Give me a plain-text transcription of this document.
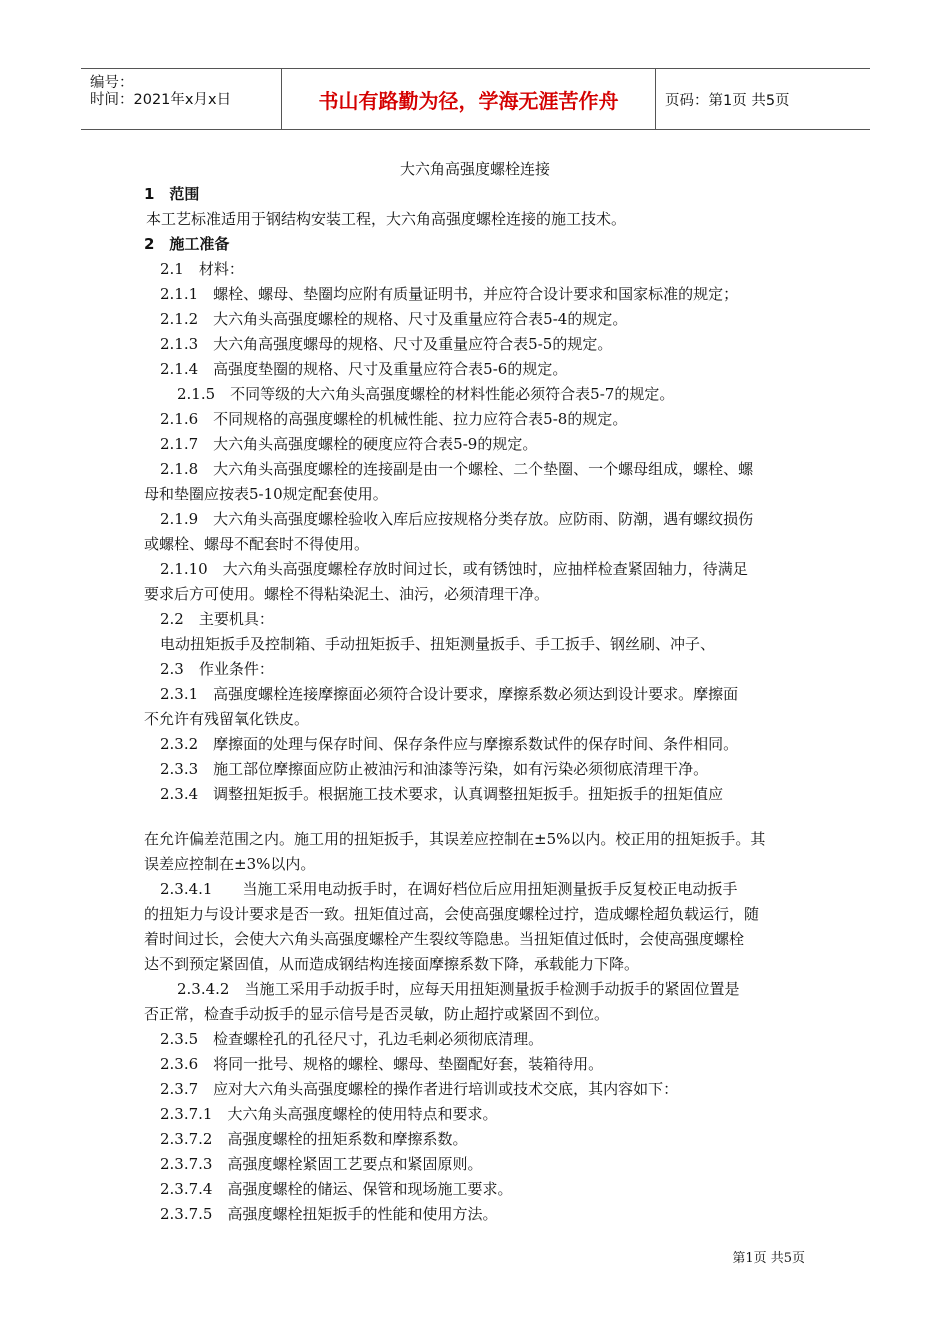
编号：
时间：2021年x月x日	书山有路勤为径，学海无涯苦作舟	页码：第1页 共5页
大六角高强度螺栓连接
1　范围
本工艺标准适用于钢结构安装工程，大六角高强度螺栓连接的施工技术。
2　施工准备
2.1　材料：
2.1.1　螺栓、螺母、垫圈均应附有质量证明书，并应符合设计要求和国家标准的规定；
2.1.2　大六角头高强度螺栓的规格、尺寸及重量应符合表5-4的规定。
2.1.3　大六角高强度螺母的规格、尺寸及重量应符合表5-5的规定。
2.1.4　高强度垫圈的规格、尺寸及重量应符合表5-6的规定。
2.1.5　不同等级的大六角头高强度螺栓的材料性能必须符合表5-7的规定。
2.1.6　不同规格的高强度螺栓的机械性能、拉力应符合表5-8的规定。
2.1.7　大六角头高强度螺栓的硬度应符合表5-9的规定。
2.1.8　大六角头高强度螺栓的连接副是由一个螺栓、二个垫圈、一个螺母组成，螺栓、螺
母和垫圈应按表5-10规定配套使用。
2.1.9　大六角头高强度螺栓验收入库后应按规格分类存放。应防雨、防潮，遇有螺纹损伤
或螺栓、螺母不配套时不得使用。
2.1.10　大六角头高强度螺栓存放时间过长，或有锈蚀时，应抽样检查紧固轴力，待满足
要求后方可使用。螺栓不得粘染泥土、油污，必须清理干净。
2.2　主要机具：
电动扭矩扳手及控制箱、手动扭矩扳手、扭矩测量扳手、手工扳手、钢丝刷、冲子、
2.3　作业条件：
2.3.1　高强度螺栓连接摩擦面必须符合设计要求，摩擦系数必须达到设计要求。摩擦面
不允许有残留氧化铁皮。
2.3.2　摩擦面的处理与保存时间、保存条件应与摩擦系数试件的保存时间、条件相同。
2.3.3　施工部位摩擦面应防止被油污和油漆等污染，如有污染必须彻底清理干净。
2.3.4　调整扭矩扳手。根据施工技术要求，认真调整扭矩扳手。扭矩扳手的扭矩值应
在允许偏差范围之内。施工用的扭矩扳手，其误差应控制在±5%以内。校正用的扭矩扳手。其
误差应控制在±3%以内。
2.3.4.1　　当施工采用电动扳手时，在调好档位后应用扭矩测量扳手反复校正电动扳手
的扭矩力与设计要求是否一致。扭矩值过高，会使高强度螺栓过拧，造成螺栓超负载运行，随
着时间过长，会使大六角头高强度螺栓产生裂纹等隐患。当扭矩值过低时，会使高强度螺栓
达不到预定紧固值，从而造成钢结构连接面摩擦系数下降，承载能力下降。
2.3.4.2　当施工采用手动扳手时，应每天用扭矩测量扳手检测手动扳手的紧固位置是
否正常，检查手动扳手的显示信号是否灵敏，防止超拧或紧固不到位。
2.3.5　检查螺栓孔的孔径尺寸，孔边毛刺必须彻底清理。
2.3.6　将同一批号、规格的螺栓、螺母、垫圈配好套，装箱待用。
2.3.7　应对大六角头高强度螺栓的操作者进行培训或技术交底，其内容如下：
2.3.7.1　大六角头高强度螺栓的使用特点和要求。
2.3.7.2　高强度螺栓的扭矩系数和摩擦系数。
2.3.7.3　高强度螺栓紧固工艺要点和紧固原则。
2.3.7.4　高强度螺栓的储运、保管和现场施工要求。
2.3.7.5　高强度螺栓扭矩扳手的性能和使用方法。
第1页 共5页
